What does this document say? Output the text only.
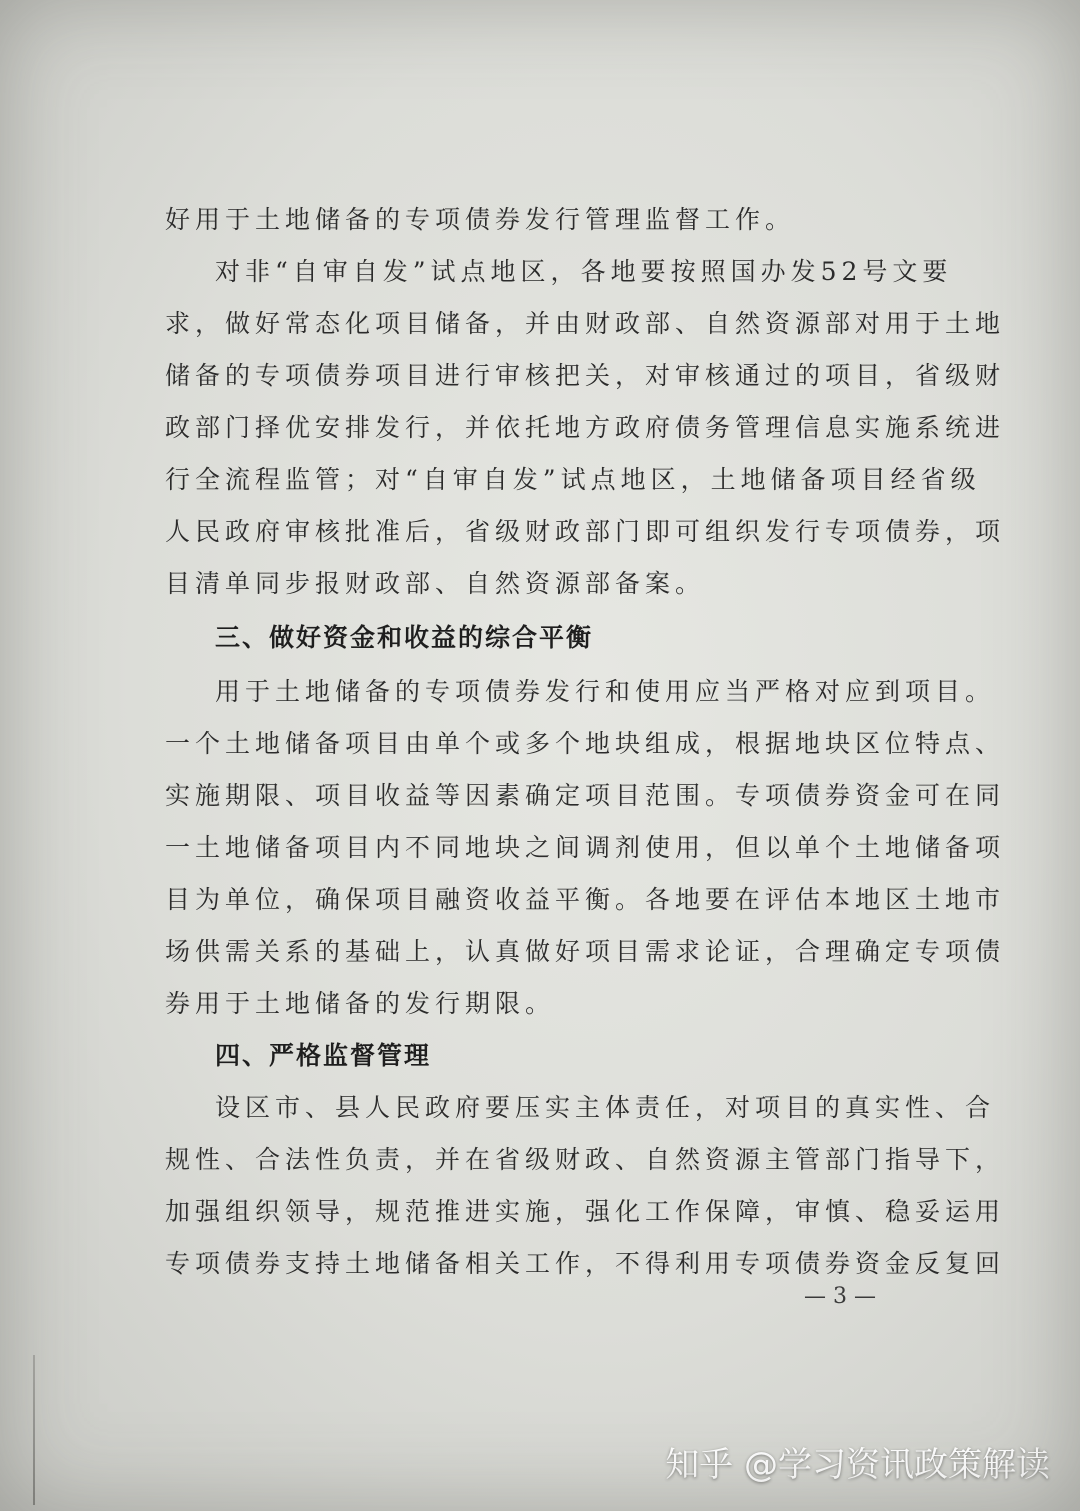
好用于土地储备的专项债券发行管理监督工作。
对非“自审自发”试点地区，各地要按照国办发52号文要
求，做好常态化项目储备，并由财政部、自然资源部对用于土地
储备的专项债券项目进行审核把关，对审核通过的项目，省级财
政部门择优安排发行，并依托地方政府债务管理信息实施系统进
行全流程监管；对“自审自发”试点地区，土地储备项目经省级
人民政府审核批准后，省级财政部门即可组织发行专项债券，项
目清单同步报财政部、自然资源部备案。
三、做好资金和收益的综合平衡
用于土地储备的专项债券发行和使用应当严格对应到项目。
一个土地储备项目由单个或多个地块组成，根据地块区位特点、
实施期限、项目收益等因素确定项目范围。专项债券资金可在同
一土地储备项目内不同地块之间调剂使用，但以单个土地储备项
目为单位，确保项目融资收益平衡。各地要在评估本地区土地市
场供需关系的基础上，认真做好项目需求论证，合理确定专项债
券用于土地储备的发行期限。
四、严格监督管理
设区市、县人民政府要压实主体责任，对项目的真实性、合
规性、合法性负责，并在省级财政、自然资源主管部门指导下，
加强组织领导，规范推进实施，强化工作保障，审慎、稳妥运用
专项债券支持土地储备相关工作，不得利用专项债券资金反复回
— 3 —
知乎 @学习资讯政策解读
